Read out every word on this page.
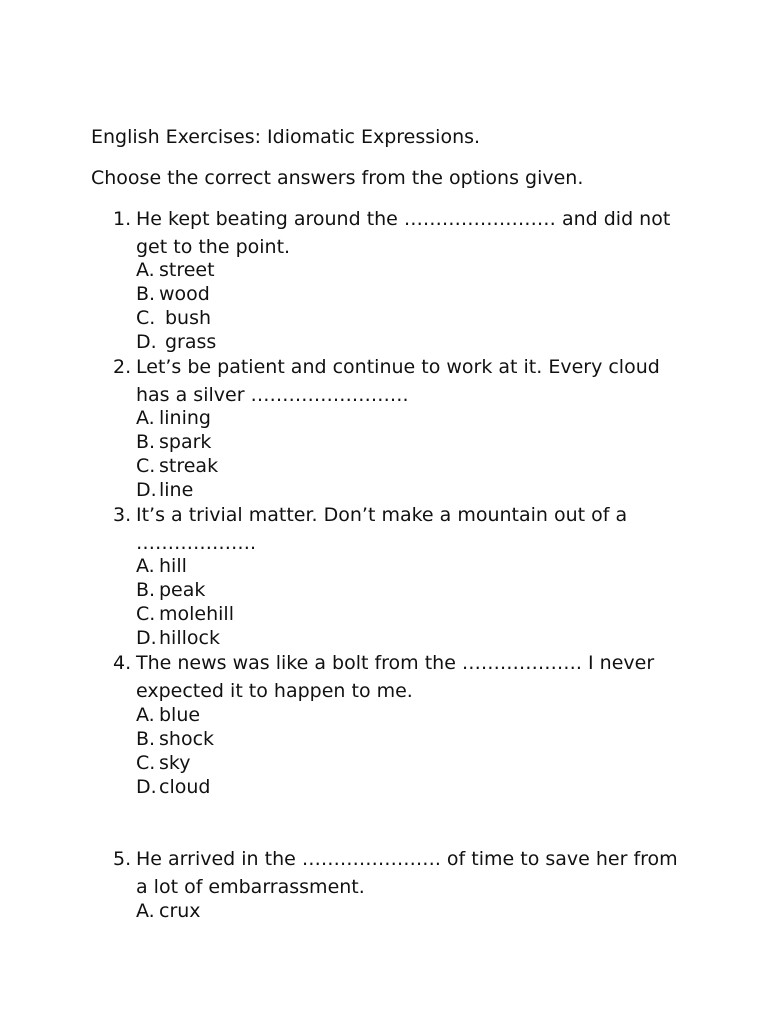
English Exercises: Idiomatic Expressions.
Choose the correct answers from the options given.
1. He kept beating around the …………………… and did not get to the point.
A. street
B. wood
C. bush
D. grass
2. Let’s be patient and continue to work at it. Every cloud has a silver …………………….
A. lining
B. spark
C. streak
D. line
3. It’s a trivial matter. Don’t make a mountain out of a ……………….
A. hill
B. peak
C. molehill
D. hillock
4. The news was like a bolt from the ………………. I never expected it to happen to me.
A. blue
B. shock
C. sky
D. cloud
5. He arrived in the …………………. of time to save her from a lot of embarrassment.
A. crux
